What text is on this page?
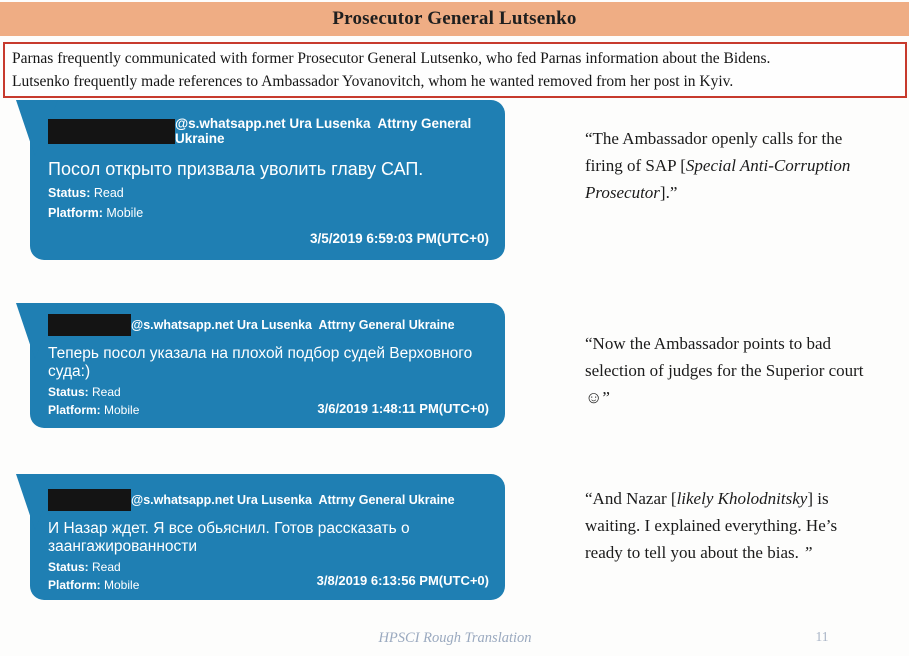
Prosecutor General Lutsenko
Parnas frequently communicated with former Prosecutor General Lutsenko, who fed Parnas information about the Bidens.
Lutsenko frequently made references to Ambassador Yovanovitch, whom he wanted removed from her post in Kyiv.
@s.whatsapp.net Ura Lusenka  Attrny General Ukraine
Посол открыто призвала уволить главу САП.
Status: Read
Platform: Mobile
3/5/2019 6:59:03 PM(UTC+0)
@s.whatsapp.net Ura Lusenka  Attrny General Ukraine
Теперь посол указала на плохой подбор судей Верховного суда:)
Status: Read
Platform: Mobile	3/6/2019 1:48:11 PM(UTC+0)
@s.whatsapp.net Ura Lusenka  Attrny General Ukraine
И Назар ждет. Я все обьяснил. Готов рассказать о заангажированности
Status: Read
Platform: Mobile	3/8/2019 6:13:56 PM(UTC+0)
“The Ambassador openly calls for the firing of SAP [Special Anti-Corruption Prosecutor].”
“Now the Ambassador points to bad selection of judges for the Superior court ☺”
“And Nazar [likely Kholodnitsky] is waiting. I explained everything. He’s ready to tell you about the bias. ”
HPSCI Rough Translation	11
